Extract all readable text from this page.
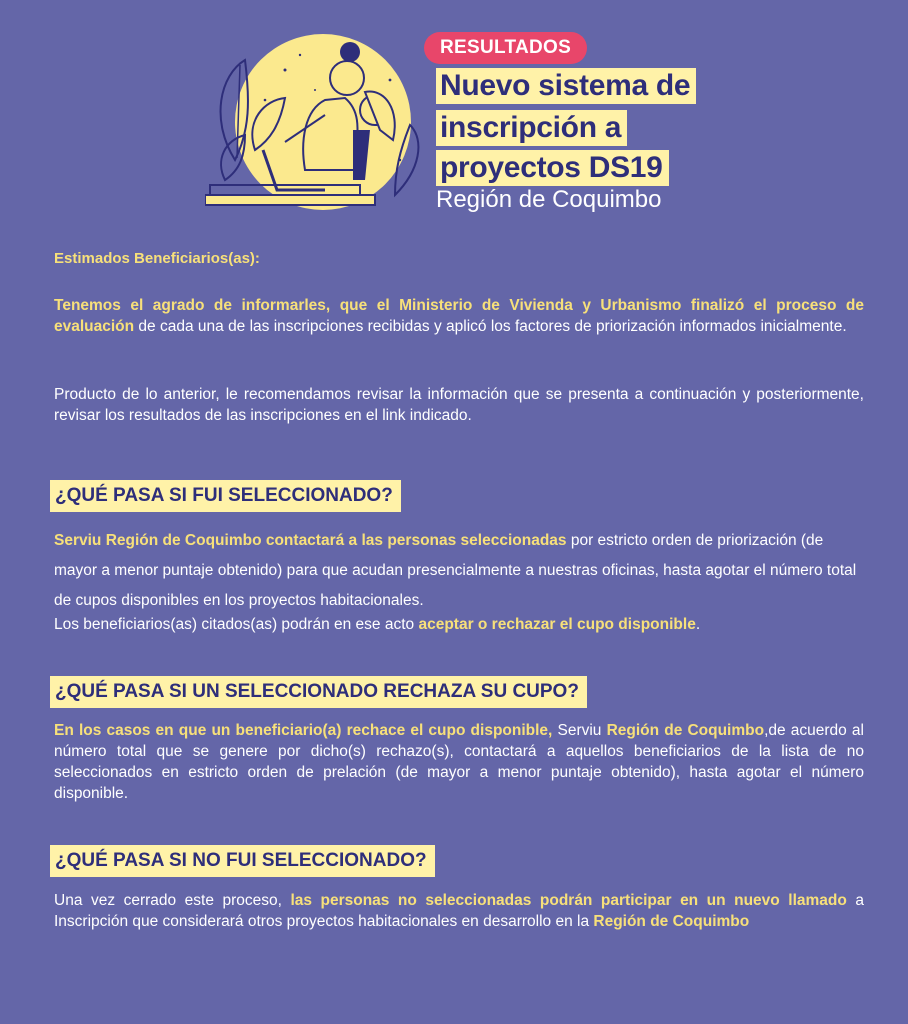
RESULTADOS
Nuevo sistema de
inscripción a
proyectos DS19
Región de Coquimbo
Estimados Beneficiarios(as):

Tenemos el agrado de informarles, que el Ministerio de Vivienda y Urbanismo finalizó el proceso de evaluación de cada una de las inscripciones recibidas y aplicó los factores de priorización informados inicialmente.

Producto de lo anterior, le recomendamos revisar la información que se presenta a continuación y posteriormente, revisar los resultados de las inscripciones en el link indicado.

¿QUÉ PASA SI FUI SELECCIONADO?

Serviu Región de Coquimbo contactará a las personas seleccionadas por estricto orden de priorización (de mayor a menor puntaje obtenido) para que acudan presencialmente a nuestras oficinas, hasta agotar el número total de cupos disponibles en los proyectos habitacionales.

Los beneficiarios(as) citados(as) podrán en ese acto aceptar o rechazar el cupo disponible.

¿QUÉ PASA SI UN SELECCIONADO RECHAZA SU CUPO?

En los casos en que un beneficiario(a) rechace el cupo disponible, Serviu Región de Coquimbo,de acuerdo al número total que se genere por dicho(s) rechazo(s), contactará a aquellos beneficiarios de la lista de no seleccionados en estricto orden de prelación (de mayor a menor puntaje obtenido), hasta agotar el número disponible.

¿QUÉ PASA SI NO FUI SELECCIONADO?

Una vez cerrado este proceso, las personas no seleccionadas podrán participar en un nuevo llamado a Inscripción que considerará otros proyectos habitacionales en desarrollo en la Región de Coquimbo
